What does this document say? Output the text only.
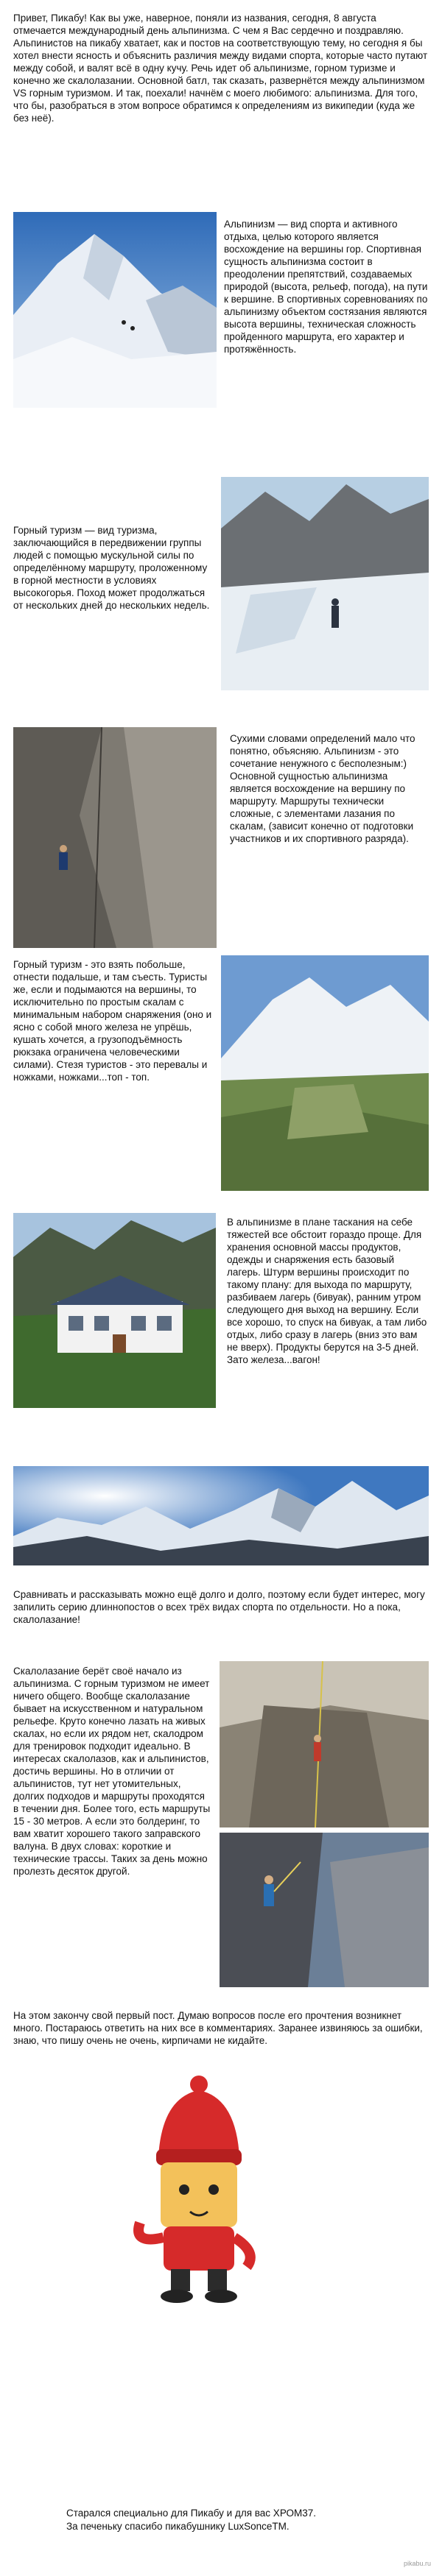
Привет, Пикабу! Как вы уже, наверное, поняли из названия, сегодня, 8 августа отмечается международный день альпинизма. С чем я Вас сердечно и поздравляю. Альпинистов на пикабу хватает, как и постов на соответствующую тему, но сегодня я бы хотел внести ясность и объяснить различия между видами спорта, которые часто путают между собой, и валят всё в одну кучу. Речь идет об альпинизме, горном туризме и конечно же скалолазании. Основной батл, так сказать, развернётся между альпинизмом VS горным туризмом. И так, поехали! начнём с моего любимого: альпинизма. Для того, что бы, разобраться в этом вопросе обратимся к определениям из википедии (куда же без неё).
Альпинизм — вид спорта и активного отдыха, целью которого является восхождение на вершины гор. Спортивная сущность альпинизма состоит в преодолении препятствий, создаваемых природой (высота, рельеф, погода), на пути к вершине. В спортивных соревнованиях по альпинизму объектом состязания являются высота вершины, техническая сложность пройденного маршрута, его характер и протяжённость.
Горный туризм — вид туризма, заключающийся в передвижении группы людей с помощью мускульной силы по определённому маршруту, проложенному в горной местности в условиях высокогорья. Поход может продолжаться от нескольких дней до нескольких недель.
Сухими словами определений мало что понятно, объясняю. Альпинизм - это сочетание ненужного с бесполезным:) Основной сущностью альпинизма является восхождение на вершину по маршруту. Маршруты технически сложные, с элементами лазания по скалам, (зависит конечно от подготовки участников и их спортивного разряда).
Горный туризм - это взять побольше, отнести подальше, и там съесть. Туристы же, если и подымаются на вершины, то исключительно по простым скалам с минимальным набором снаряжения (оно и ясно с собой много железа не упрёшь, кушать хочется, а грузоподъёмность рюкзака ограничена человеческими силами). Стезя туристов - это перевалы и ножками, ножками...топ - топ.
В альпинизме в плане таскания на себе тяжестей все обстоит гораздо проще. Для хранения основной массы продуктов, одежды и снаряжения есть базовый лагерь. Штурм вершины происходит по такому плану: для выхода по маршруту, разбиваем лагерь (бивуак), ранним утром следующего дня выход на вершину. Если все хорошо, то спуск на бивуак, а там либо отдых, либо сразу в лагерь (вниз это вам не вверх). Продукты берутся на 3-5 дней. Зато железа...вагон!
Сравнивать и рассказывать можно ещё долго и долго, поэтому если будет интерес, могу запилить серию длиннопостов о всех трёх видах спорта по отдельности. Но а пока, скалолазание!
Скалолазание берёт своё начало из альпинизма. С горным туризмом не имеет ничего общего. Вообще скалолазание бывает на искусственном и натуральном рельефе. Круто конечно лазать на живых скалах, но если их рядом нет, скалодром для тренировок подходит идеально. В интересах скалолазов, как и альпинистов, достичь вершины. Но в отличии от альпинистов, тут нет утомительных, долгих подходов и маршруты проходятся в течении дня. Более того, есть маршруты 15 - 30 метров. А если это болдеринг, то вам хватит хорошего такого заправского валуна. В двух словах: короткие и технические трассы. Таких за день можно пролезть десяток другой.
На этом закончу свой первый пост. Думаю вопросов после его прочтения возникнет много. Постараюсь ответить на них все в комментариях. Заранее извиняюсь за ошибки, знаю, что пишу очень не очень, кирпичами не кидайте.
Старался специально для Пикабу и для вас ХРОМ37.
За печеньку спасибо пикабушнику LuxSonceTM.
pikabu.ru
